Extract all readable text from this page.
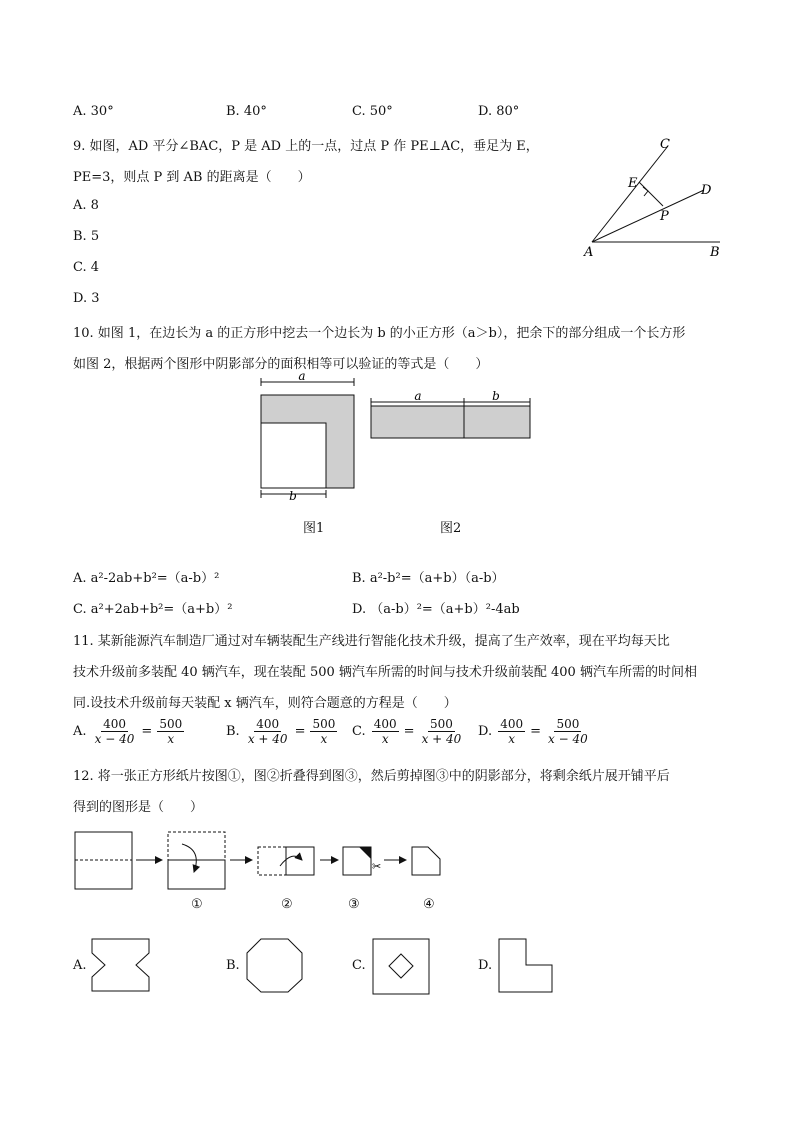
A. 30°	B. 40°	C. 50°	D. 80°
9. 如图，AD 平分∠BAC，P 是 AD 上的一点，过点 P 作 PE⊥AC，垂足为 E，
PE=3，则点 P 到 AB 的距离是（　　）
A. 8
B. 5
C. 4
D. 3
A	B
C
D
E
P
10. 如图 1，在边长为 a 的正方形中挖去一个边长为 b 的小正方形（a＞b），把余下的部分组成一个长方形
如图 2，根据两个图形中阴影部分的面积相等可以验证的等式是（　　）
a
b
a	b
图1	图2
A. a²-2ab+b²=（a-b）²	B. a²-b²=（a+b）（a-b）
C. a²+2ab+b²=（a+b）²	D. （a-b）²=（a+b）²-4ab
11. 某新能源汽车制造厂通过对车辆装配生产线进行智能化技术升级，提高了生产效率，现在平均每天比
技术升级前多装配 40 辆汽车，现在装配 500 辆汽车所需的时间与技术升级前装配 400 辆汽车所需的时间相
同.设技术升级前每天装配 x 辆汽车，则符合题意的方程是（　　）
A. $\frac{400}{x - 40} = \frac{500}{x}$	B. $\frac{400}{x + 40} = \frac{500}{x} C$. $\frac{400}{x} = \frac{500}{x + 40} D$. $\frac{400}{x} = \frac{500}{x - 40}$
12. 将一张正方形纸片按图①，图②折叠得到图③，然后剪掉图③中的阴影部分，将剩余纸片展开铺平后
得到的图形是（　　）
✂
①	②	③	④
A.	B.	C.	D.
